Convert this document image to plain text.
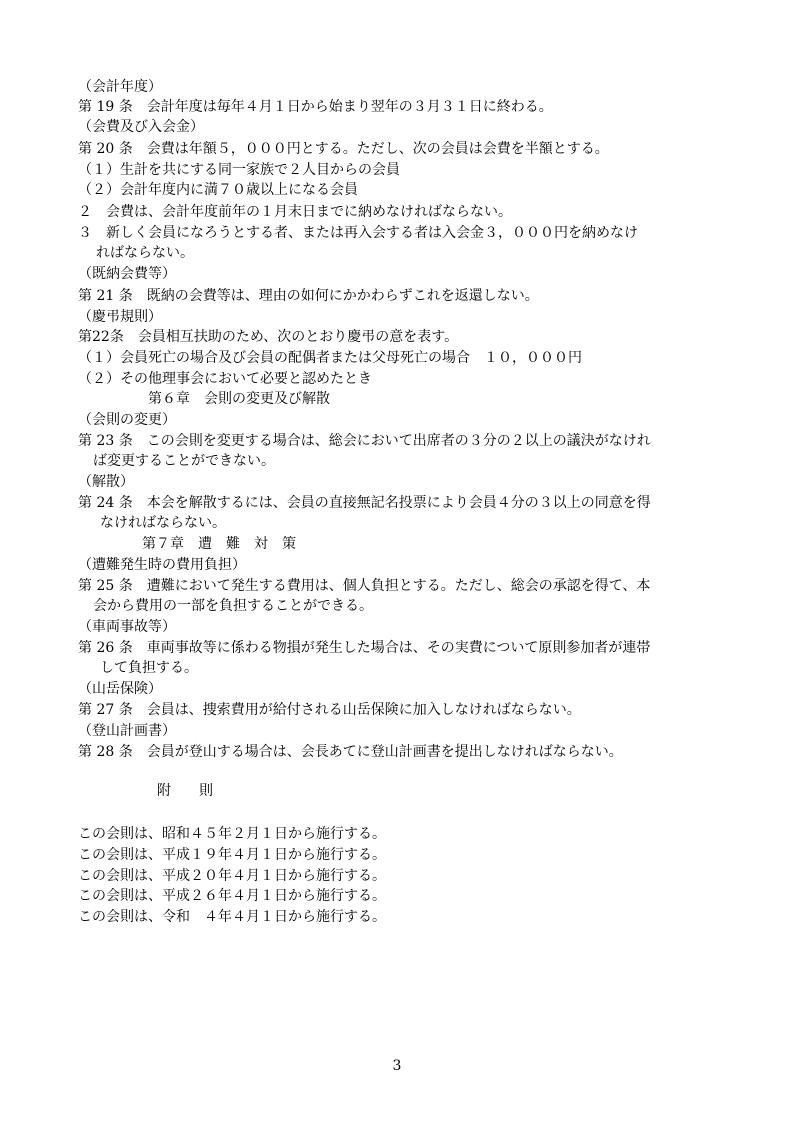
（会計年度）
第 19 条　会計年度は毎年４月１日から始まり翌年の３月３１日に終わる。
（会費及び入会金）
第 20 条　会費は年額５，０００円とする。ただし、次の会員は会費を半額とする。
（１）生計を共にする同一家族で２人目からの会員
（２）会計年度内に満７０歳以上になる会員
２　会費は、会計年度前年の１月末日までに納めなければならない。
３　新しく会員になろうとする者、または再入会する者は入会金３，０００円を納めなけ
ればならない。
（既納会費等）
第 21 条　既納の会費等は、理由の如何にかかわらずこれを返還しない。
（慶弔規則）
第22条　会員相互扶助のため、次のとおり慶弔の意を表す。
（１）会員死亡の場合及び会員の配偶者または父母死亡の場合　１０，０００円
（２）その他理事会において必要と認めたとき
第６章　会則の変更及び解散
（会則の変更）
第 23 条　この会則を変更する場合は、総会において出席者の３分の２以上の議決がなけれ
ば変更することができない。
（解散）
第 24 条　本会を解散するには、会員の直接無記名投票により会員４分の３以上の同意を得
なければならない。
第７章　遭　難　対　策
（遭難発生時の費用負担）
第 25 条　遭難において発生する費用は、個人負担とする。ただし、総会の承認を得て、本
会から費用の一部を負担することができる。
（車両事故等）
第 26 条　車両事故等に係わる物損が発生した場合は、その実費について原則参加者が連帯
して負担する。
（山岳保険）
第 27 条　会員は、捜索費用が給付される山岳保険に加入しなければならない。
（登山計画書）
第 28 条　会員が登山する場合は、会長あてに登山計画書を提出しなければならない。
附　　則
この会則は、昭和４５年２月１日から施行する。
この会則は、平成１９年４月１日から施行する。
この会則は、平成２０年４月１日から施行する。
この会則は、平成２６年４月１日から施行する。
この会則は、令和　４年４月１日から施行する。
3
